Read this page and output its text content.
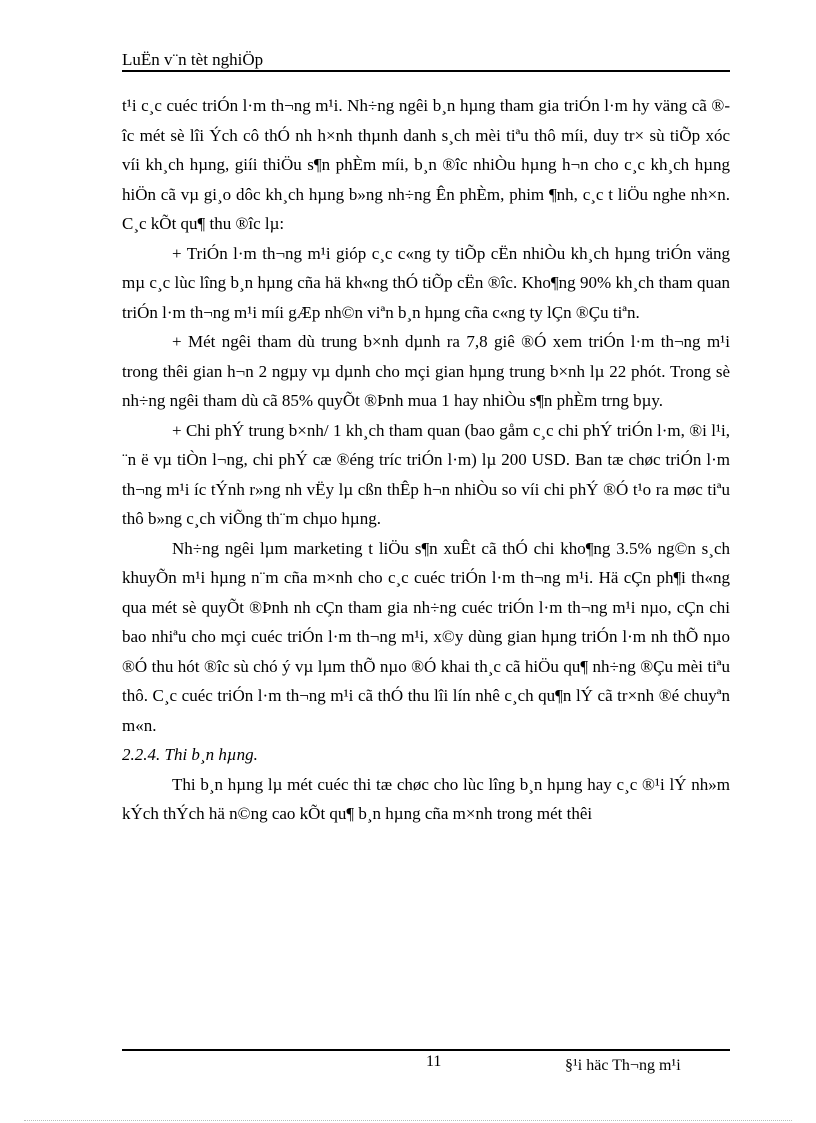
LuËn v¨n tèt nghiÖp

t¹i c¸c cuéc triÓn l·m th¬ng m¹i. Nh÷ng ngêi b¸n hµng tham gia triÓn l·m hy väng cã ®îc mét sè lîi Ých cô thÓ nh h×nh thµnh danh s¸ch mèi tiªu thô míi, duy tr× sù tiÕp xóc víi kh¸ch hµng, giíi thiÖu s¶n phÈm míi, b¸n ®îc nhiÒu hµng h¬n cho c¸c kh¸ch hµng hiÖn cã vµ gi¸o dôc kh¸ch hµng b»ng nh÷ng Ên phÈm, phim ¶nh, c¸c t liÖu nghe nh×n. C¸c kÕt qu¶ thu ®îc lµ:

+ TriÓn l·m th¬ng m¹i gióp c¸c c«ng ty tiÕp cËn nhiÒu kh¸ch hµng triÓn väng mµ c¸c lùc lîng b¸n hµng cña hä kh«ng thÓ tiÕp cËn ®îc. Kho¶ng 90% kh¸ch tham quan triÓn l·m th¬ng m¹i míi gÆp nh©n viªn b¸n hµng cña c«ng ty lÇn ®Çu tiªn.

+ Mét ngêi tham dù trung b×nh dµnh ra 7,8 giê ®Ó xem triÓn l·m th¬ng m¹i trong thêi gian h¬n 2 ngµy vµ dµnh cho mçi gian hµng trung b×nh lµ 22 phót. Trong sè nh÷ng ngêi tham dù cã 85% quyÕt ®Þnh mua 1 hay nhiÒu s¶n phÈm trng bµy.

+ Chi phÝ trung b×nh/ 1 kh¸ch tham quan (bao gåm c¸c chi phÝ triÓn l·m, ®i l¹i, ¨n ë vµ tiÒn l¬ng, chi phÝ cæ ®éng tríc triÓn l·m) lµ 200 USD. Ban tæ chøc triÓn l·m th¬ng m¹i íc tÝnh r»ng nh vËy lµ cßn thÊp h¬n nhiÒu so víi chi phÝ ®Ó t¹o ra møc tiªu thô b»ng c¸ch viÕng th¨m chµo hµng.

Nh÷ng ngêi lµm marketing t liÖu s¶n xuÊt cã thÓ chi kho¶ng 3.5% ng©n s¸ch khuyÕn m¹i hµng n¨m cña m×nh cho c¸c cuéc triÓn l·m th¬ng m¹i. Hä cÇn ph¶i th«ng qua mét sè quyÕt ®Þnh nh cÇn tham gia nh÷ng cuéc triÓn l·m th¬ng m¹i nµo, cÇn chi bao nhiªu cho mçi cuéc triÓn l·m th¬ng m¹i, x©y dùng gian hµng triÓn l·m nh thÕ nµo ®Ó thu hót ®îc sù chó ý vµ lµm thÕ nµo ®Ó khai th¸c cã hiÖu qu¶ nh÷ng ®Çu mèi tiªu thô. C¸c cuéc triÓn l·m th¬ng m¹i cã thÓ thu lîi lín nhê c¸ch qu¶n lÝ cã tr×nh ®é chuyªn m«n.

2.2.4. Thi b¸n hµng.

Thi b¸n hµng lµ mét cuéc thi tæ chøc cho lùc lîng b¸n hµng hay c¸c ®¹i lÝ nh»m kÝch thÝch hä n©ng cao kÕt qu¶ b¸n hµng cña m×nh trong mét thêi

11	§¹i häc Th¬ng m¹i
